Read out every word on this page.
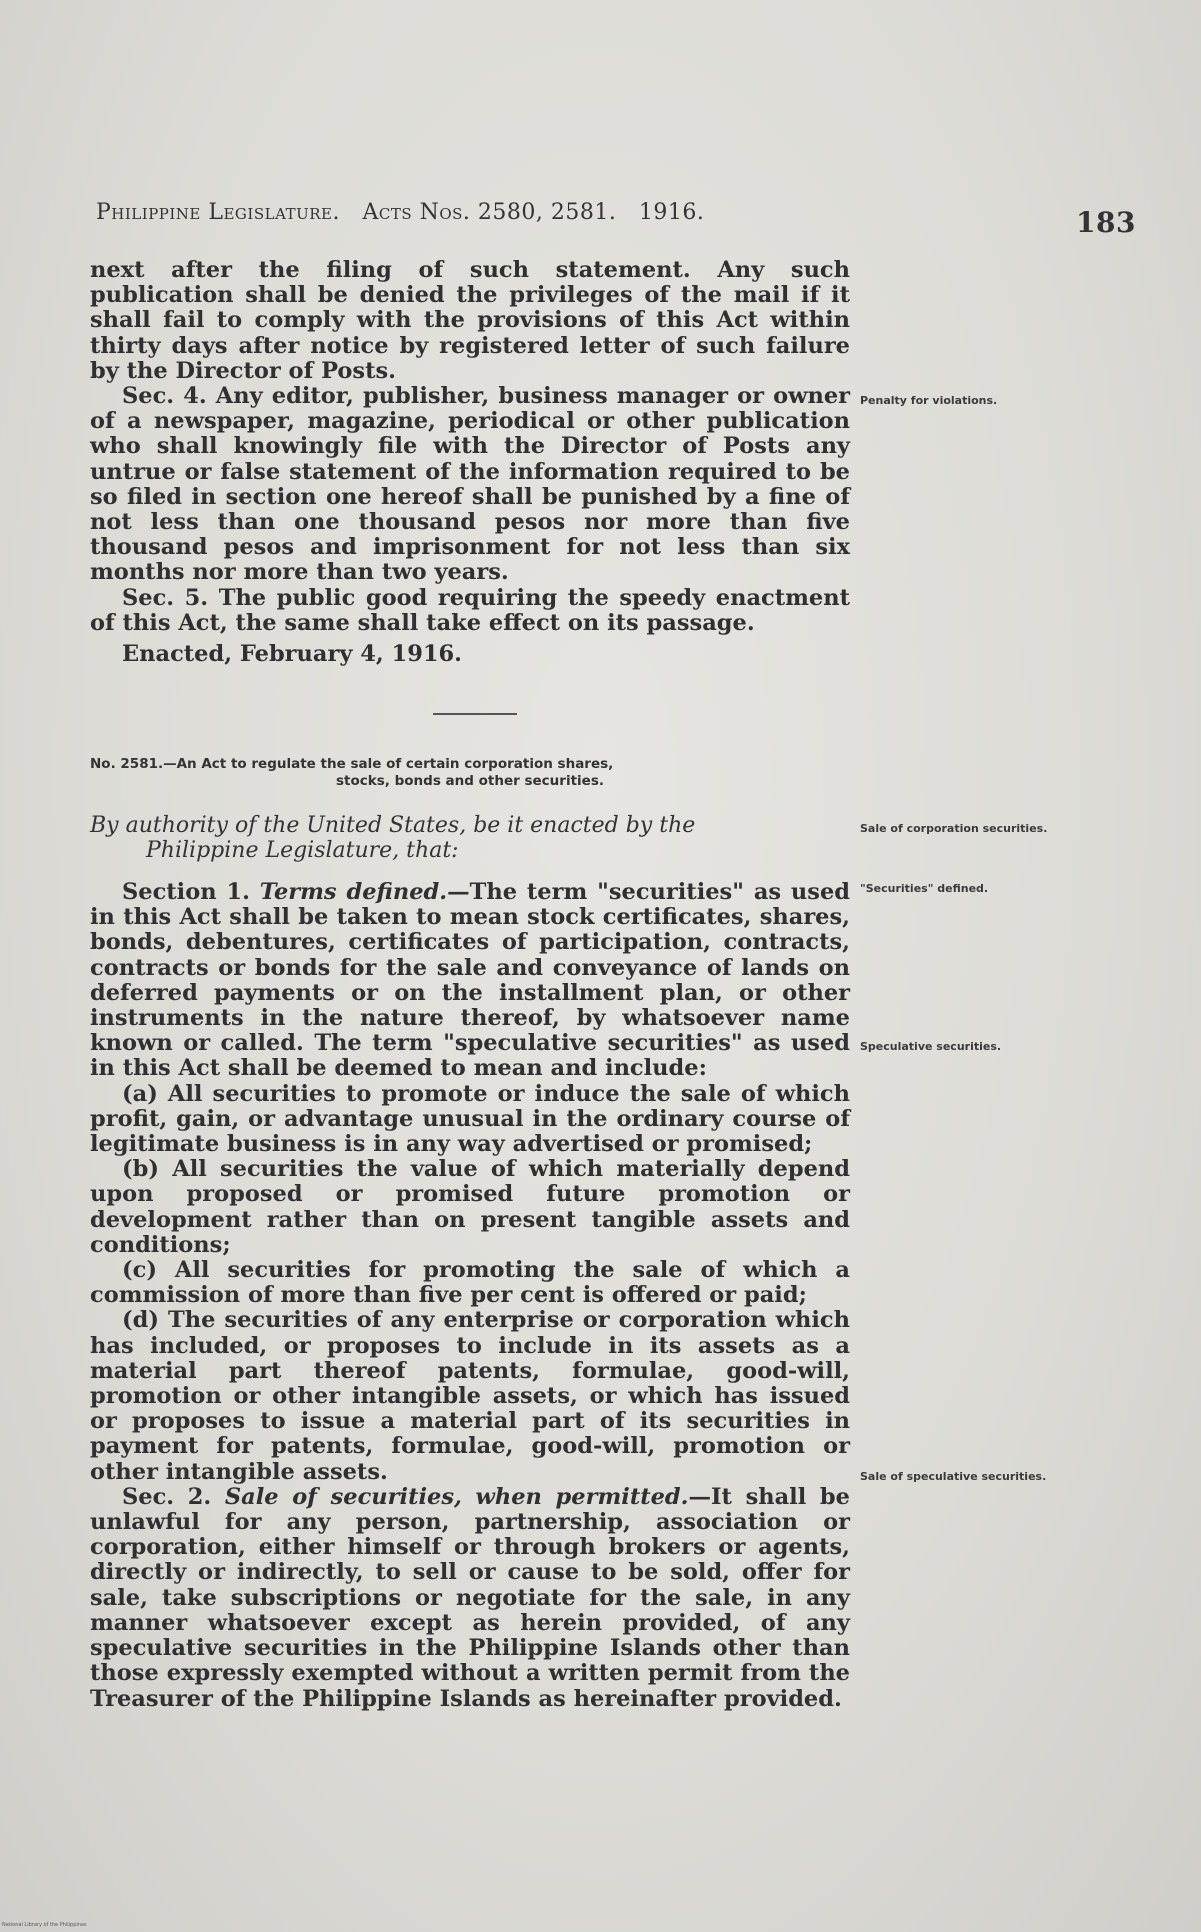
Philippine Legislature. Acts Nos. 2580, 2581. 1916.	183

next after the filing of such statement. Any such publication shall be denied the privileges of the mail if it shall fail to comply with the provisions of this Act within thirty days after notice by registered letter of such failure by the Director of Posts.

Sec. 4. Any editor, publisher, business manager or owner of a newspaper, magazine, periodical or other publication who shall knowingly file with the Director of Posts any untrue or false statement of the information required to be so filed in section one hereof shall be punished by a fine of not less than one thousand pesos nor more than five thousand pesos and imprisonment for not less than six months nor more than two years.

Sec. 5. The public good requiring the speedy enactment of this Act, the same shall take effect on its passage.

Enacted, February 4, 1916.

Penalty for violations.
No. 2581.—An Act to regulate the sale of certain corporation shares,
stocks, bonds and other securities.
By authority of the United States, be it enacted by the
Philippine Legislature, that:
Sale of corporation securities.

Section 1. Terms defined.—The term "securities" as used in this Act shall be taken to mean stock certificates, shares, bonds, debentures, certificates of participation, contracts, contracts or bonds for the sale and conveyance of lands on deferred payments or on the installment plan, or other instruments in the nature thereof, by whatsoever name known or called. The term "speculative securities" as used in this Act shall be deemed to mean and include:

(a) All securities to promote or induce the sale of which profit, gain, or advantage unusual in the ordinary course of legitimate business is in any way advertised or promised;

(b) All securities the value of which materially depend upon proposed or promised future promotion or development rather than on present tangible assets and conditions;

(c) All securities for promoting the sale of which a commission of more than five per cent is offered or paid;

(d) The securities of any enterprise or corporation which has included, or proposes to include in its assets as a material part thereof patents, formulae, good-will, promotion or other intangible assets, or which has issued or proposes to issue a material part of its securities in payment for patents, formulae, good-will, promotion or other intangible assets.

Sec. 2. Sale of securities, when permitted.—It shall be unlawful for any person, partnership, association or corporation, either himself or through brokers or agents, directly or indirectly, to sell or cause to be sold, offer for sale, take subscriptions or negotiate for the sale, in any manner whatsoever except as herein provided, of any speculative securities in the Philippine Islands other than those expressly exempted without a written permit from the Treasurer of the Philippine Islands as hereinafter provided.

"Securities" defined.
Speculative securities.
Sale of speculative securities.
National Library of the Philippines
